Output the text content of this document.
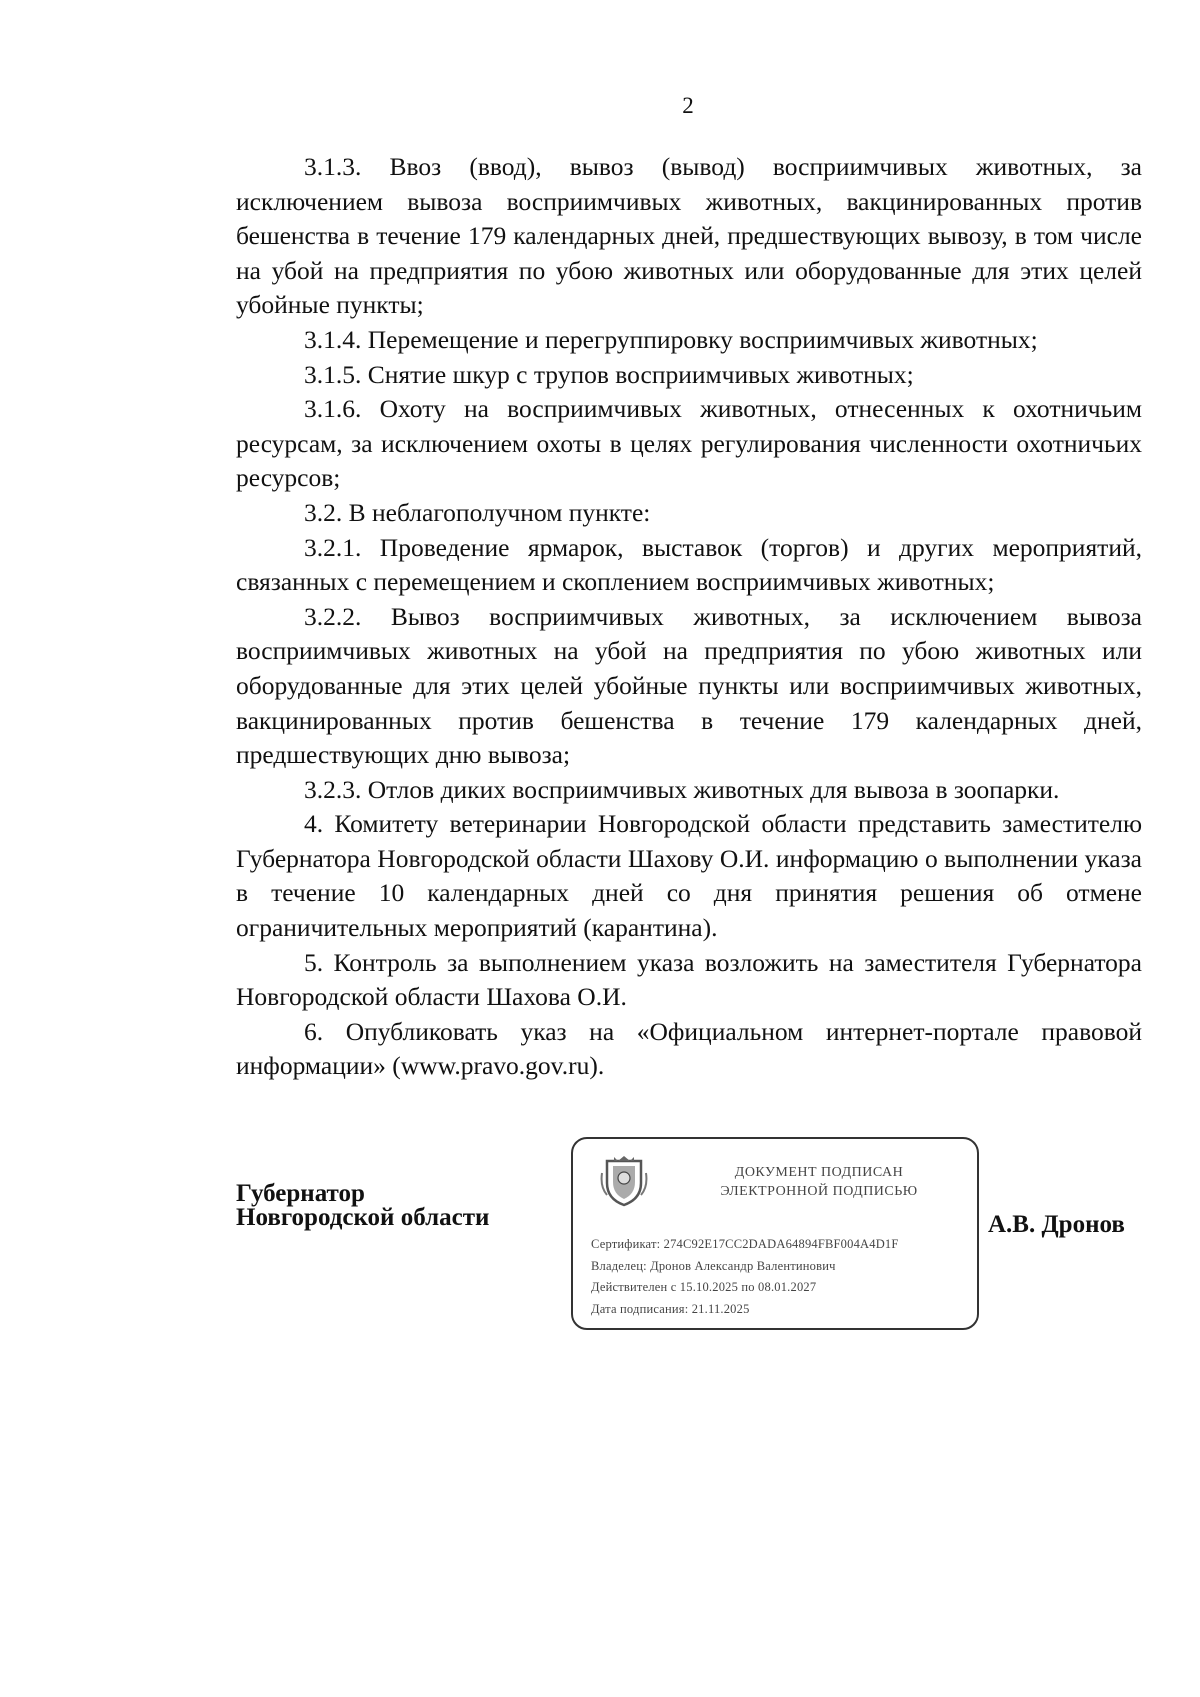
2

3.1.3. Ввоз (ввод), вывоз (вывод) восприимчивых животных, за исключением вывоза восприимчивых животных, вакцинированных против бешенства в течение 179 календарных дней, предшествующих вывозу, в том числе на убой на предприятия по убою животных или оборудованные для этих целей убойные пункты;

3.1.4. Перемещение и перегруппировку восприимчивых животных;

3.1.5. Снятие шкур с трупов восприимчивых животных;

3.1.6. Охоту на восприимчивых животных, отнесенных к охотничьим ресурсам, за исключением охоты в целях регулирования численности охотничьих ресурсов;

3.2. В неблагополучном пункте:

3.2.1. Проведение ярмарок, выставок (торгов) и других мероприятий, связанных с перемещением и скоплением восприимчивых животных;

3.2.2. Вывоз восприимчивых животных, за исключением вывоза восприимчивых животных на убой на предприятия по убою животных или оборудованные для этих целей убойные пункты или восприимчивых животных, вакцинированных против бешенства в течение 179 календарных дней, предшествующих дню вывоза;

3.2.3. Отлов диких восприимчивых животных для вывоза в зоопарки.

4. Комитету ветеринарии Новгородской области представить заместителю Губернатора Новгородской области Шахову О.И. информацию о выполнении указа в течение 10 календарных дней со дня принятия решения об отмене ограничительных мероприятий (карантина).

5. Контроль за выполнением указа возложить на заместителя Губернатора Новгородской области Шахова О.И.

6. Опубликовать указ на «Официальном интернет-портале правовой информации» (www.pravo.gov.ru).

Губернатор
Новгородской области	А.В. Дронов
ДОКУМЕНТ ПОДПИСАН
ЭЛЕКТРОННОЙ ПОДПИСЬЮ
Сертификат: 274C92E17CC2DADA64894FBF004A4D1F
Владелец: Дронов Александр Валентинович
Действителен с 15.10.2025 по 08.01.2027
Дата подписания: 21.11.2025
